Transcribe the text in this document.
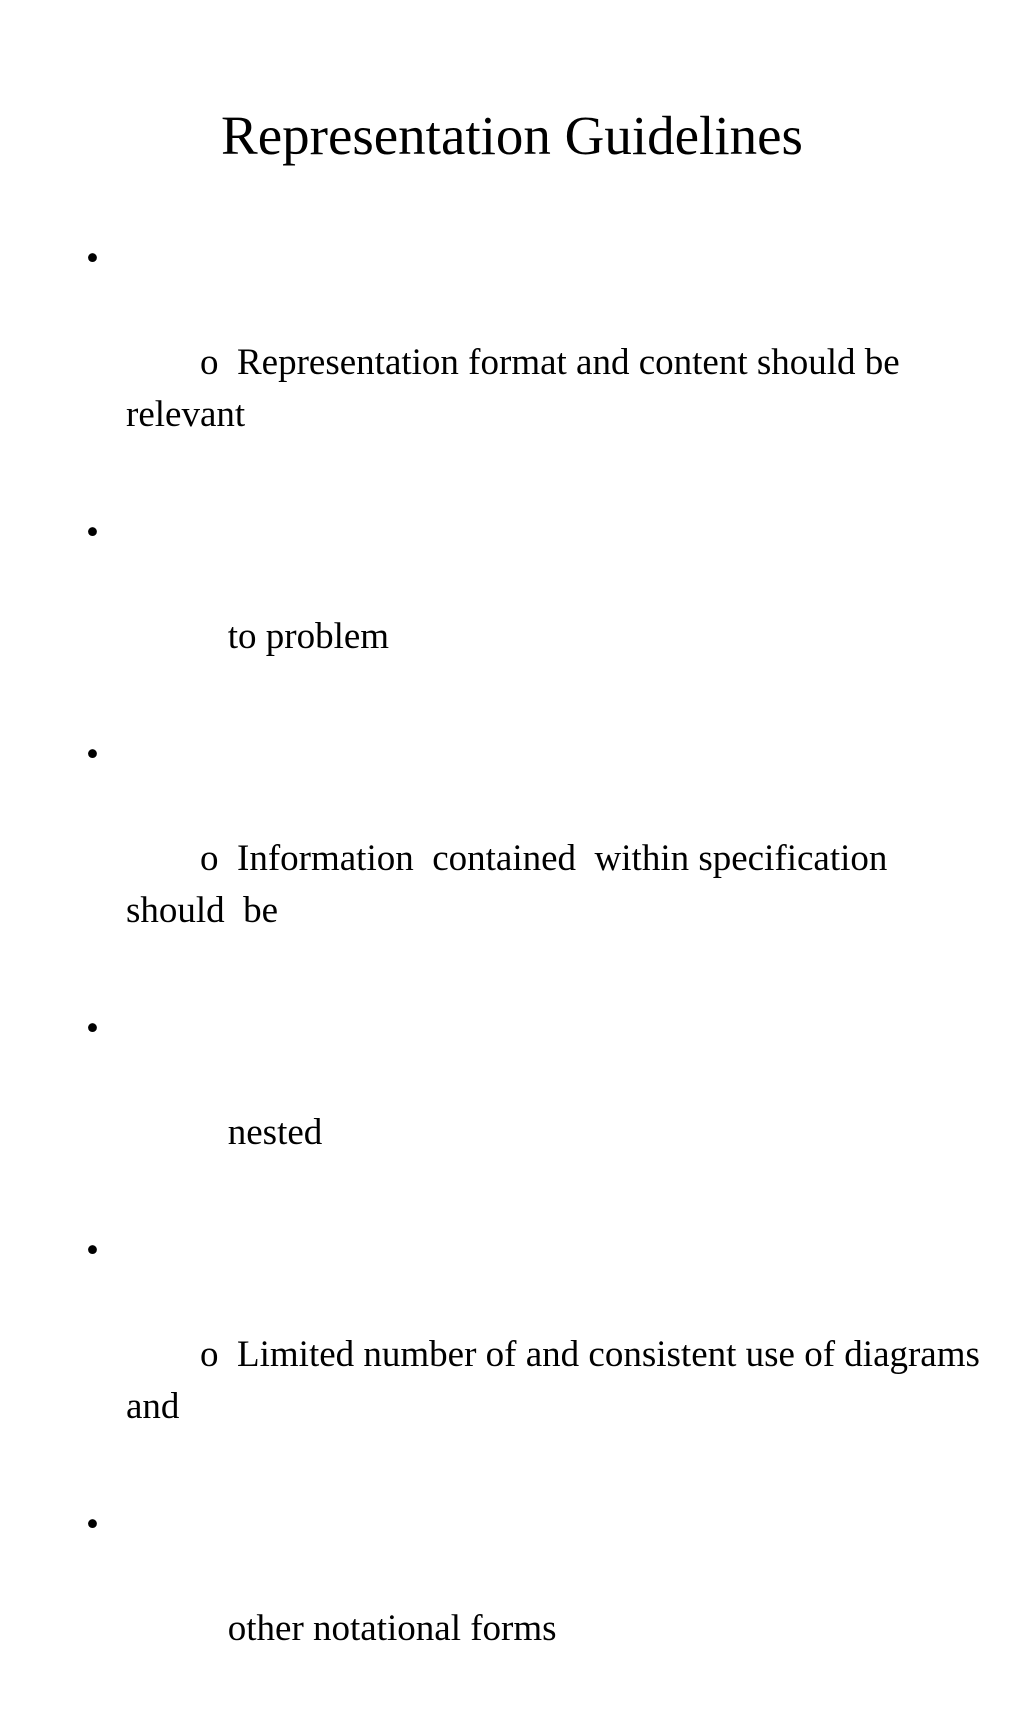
Representation Guidelines

•

o  Representation format and content should be relevant

•

to problem

•

o  Information  contained  within specification  should  be

•

nested

•

o  Limited number of and consistent use of diagrams and

•

other notational forms
